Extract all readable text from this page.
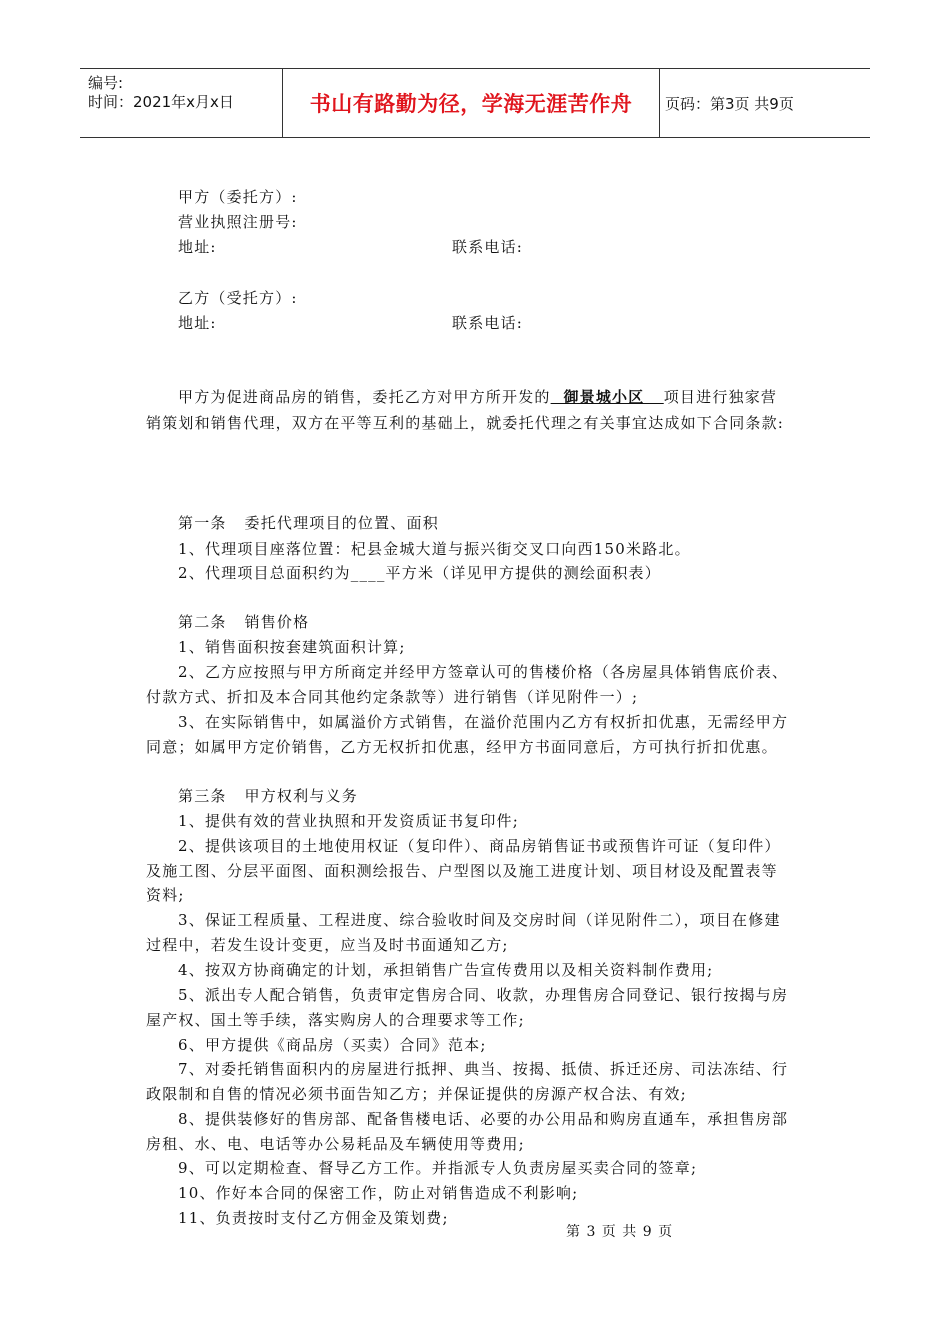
编号:
时间：2021年x月x日	书山有路勤为径，学海无涯苦作舟	页码：第3页 共9页
甲方（委托方）:
营业执照注册号:
地址:	联系电话:
乙方（受托方）:
地址:	联系电话:
甲方为促进商品房的销售，委托乙方对甲方所开发的  御景城小区   项目进行独家营
销策划和销售代理，双方在平等互利的基础上，就委托代理之有关事宜达成如下合同条款:
第一条   委托代理项目的位置、面积
1、代理项目座落位置：杞县金城大道与振兴街交叉口向西150米路北。
2、代理项目总面积约为____平方米（详见甲方提供的测绘面积表）
第二条   销售价格
1、销售面积按套建筑面积计算;
2、乙方应按照与甲方所商定并经甲方签章认可的售楼价格（各房屋具体销售底价表、
付款方式、折扣及本合同其他约定条款等）进行销售（详见附件一）;
3、在实际销售中，如属溢价方式销售，在溢价范围内乙方有权折扣优惠，无需经甲方
同意；如属甲方定价销售，乙方无权折扣优惠，经甲方书面同意后，方可执行折扣优惠。
第三条   甲方权利与义务
1、提供有效的营业执照和开发资质证书复印件;
2、提供该项目的土地使用权证（复印件）、商品房销售证书或预售许可证（复印件）
及施工图、分层平面图、面积测绘报告、户型图以及施工进度计划、项目材设及配置表等
资料;
3、保证工程质量、工程进度、综合验收时间及交房时间（详见附件二），项目在修建
过程中，若发生设计变更，应当及时书面通知乙方;
4、按双方协商确定的计划，承担销售广告宣传费用以及相关资料制作费用;
5、派出专人配合销售，负责审定售房合同、收款，办理售房合同登记、银行按揭与房
屋产权、国土等手续，落实购房人的合理要求等工作;
6、甲方提供《商品房（买卖）合同》范本;
7、对委托销售面积内的房屋进行抵押、典当、按揭、抵债、拆迁还房、司法冻结、行
政限制和自售的情况必须书面告知乙方；并保证提供的房源产权合法、有效;
8、提供装修好的售房部、配备售楼电话、必要的办公用品和购房直通车，承担售房部
房租、水、电、电话等办公易耗品及车辆使用等费用;
9、可以定期检查、督导乙方工作。并指派专人负责房屋买卖合同的签章;
10、作好本合同的保密工作，防止对销售造成不利影响;
11、负责按时支付乙方佣金及策划费;
第 3 页 共 9 页
